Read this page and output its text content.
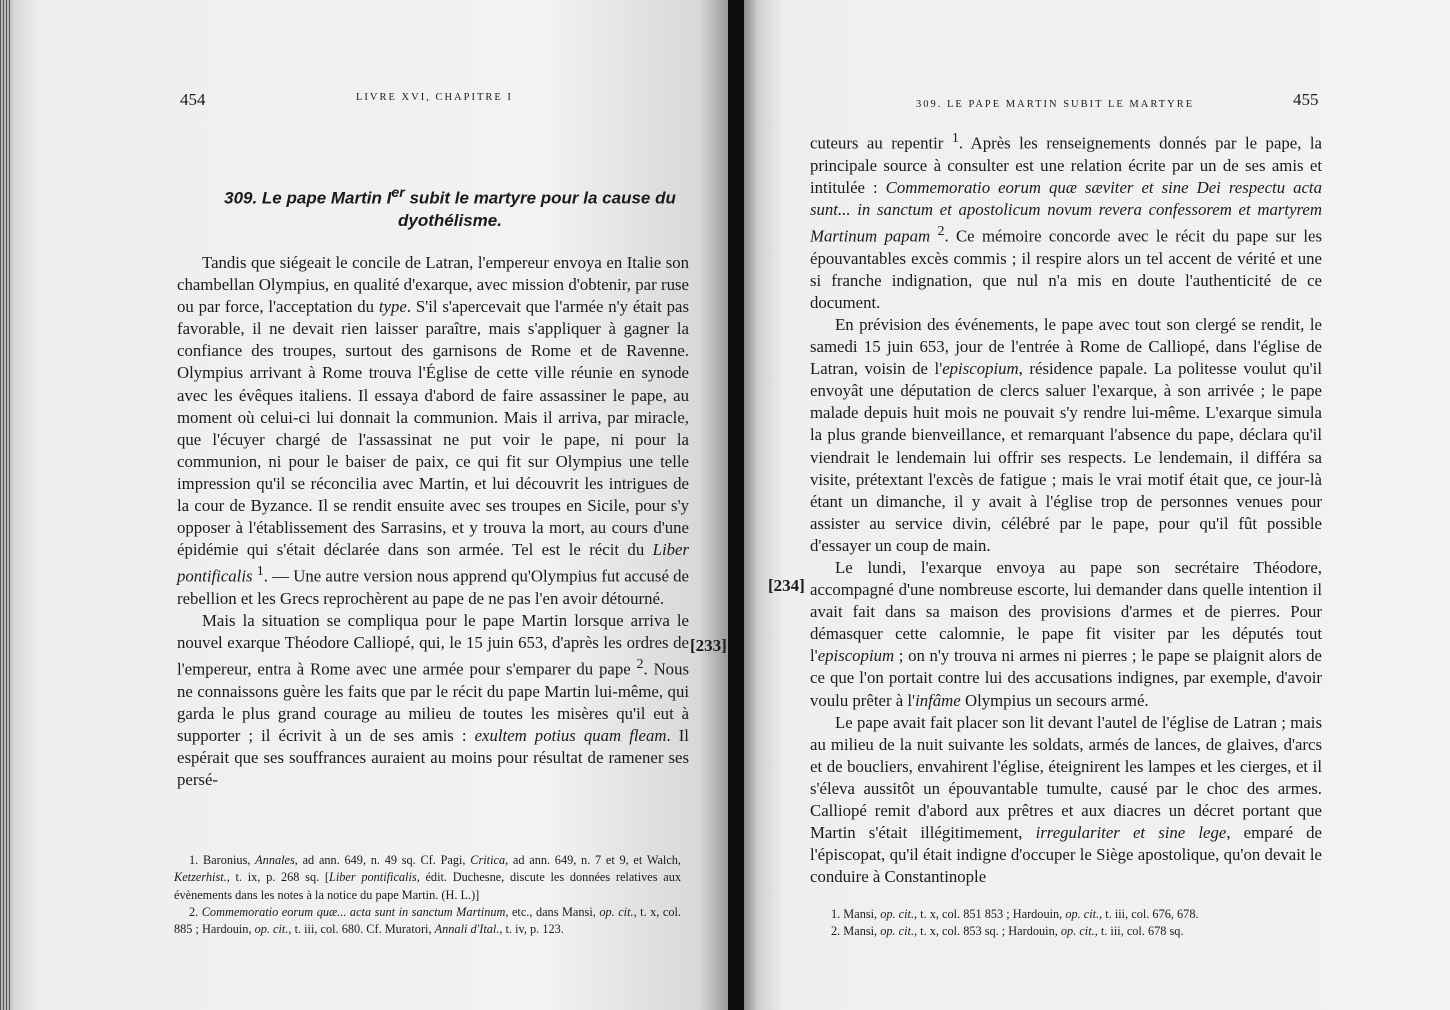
454	LIVRE XVI, CHAPITRE I
309. Le pape Martin Ier subit le martyre pour la cause du dyothélisme.

Tandis que siégeait le concile de Latran, l'empereur envoya en Italie son chambellan Olympius, en qualité d'exarque, avec mission d'obtenir, par ruse ou par force, l'acceptation du type. S'il s'apercevait que l'armée n'y était pas favorable, il ne devait rien laisser paraître, mais s'appliquer à gagner la confiance des troupes, surtout des garnisons de Rome et de Ravenne. Olympius arrivant à Rome trouva l'Église de cette ville réunie en synode avec les évêques italiens. Il essaya d'abord de faire assassiner le pape, au moment où celui-ci lui donnait la communion. Mais il arriva, par miracle, que l'écuyer chargé de l'assassinat ne put voir le pape, ni pour la communion, ni pour le baiser de paix, ce qui fit sur Olympius une telle impression qu'il se réconcilia avec Martin, et lui découvrit les intrigues de la cour de Byzance. Il se rendit ensuite avec ses troupes en Sicile, pour s'y opposer à l'établissement des Sarrasins, et y trouva la mort, au cours d'une épidémie qui s'était déclarée dans son armée. Tel est le récit du Liber pontificalis $^1$. — Une autre version nous apprend qu'Olympius fut accusé de rebellion et les Grecs reprochèrent au pape de ne pas l'en avoir détourné.

Mais la situation se compliqua pour le pape Martin lorsque arriva le nouvel exarque Théodore Calliopé, qui, le 15 juin 653, d'après les ordres de l'empereur, entra à Rome avec une armée pour s'emparer du pape $^2$. Nous ne connaissons guère les faits que par le récit du pape Martin lui-même, qui garda le plus grand courage au milieu de toutes les misères qu'il eut à supporter ; il écrivit à un de ses amis : exultem potius quam fleam. Il espérait que ses souffrances auraient au moins pour résultat de ramener ses persé-

[233]

1. Baronius, Annales, ad ann. 649, n. 49 sq. Cf. Pagi, Critica, ad ann. 649, n. 7 et 9, et Walch, Ketzerhist., t. ix, p. 268 sq. [Liber pontificalis, édit. Duchesne, discute les données relatives aux évènements dans les notes à la notice du pape Martin. (H. L.)]

2. Commemoratio eorum quæ... acta sunt in sanctum Martinum, etc., dans Mansi, op. cit., t. x, col. 885 ; Hardouin, op. cit., t. iii, col. 680. Cf. Muratori, Annali d'Ital., t. iv, p. 123.

309. LE PAPE MARTIN SUBIT LE MARTYRE	455

cuteurs au repentir $^1$. Après les renseignements donnés par le pape, la principale source à consulter est une relation écrite par un de ses amis et intitulée : Commemoratio eorum quæ sæviter et sine Dei respectu acta sunt... in sanctum et apostolicum novum revera confessorem et martyrem Martinum papam $^2$. Ce mémoire concorde avec le récit du pape sur les épouvantables excès commis ; il respire alors un tel accent de vérité et une si franche indignation, que nul n'a mis en doute l'authenticité de ce document.

En prévision des événements, le pape avec tout son clergé se rendit, le samedi 15 juin 653, jour de l'entrée à Rome de Calliopé, dans l'église de Latran, voisin de l'episcopium, résidence papale. La politesse voulut qu'il envoyât une députation de clercs saluer l'exarque, à son arrivée ; le pape malade depuis huit mois ne pouvait s'y rendre lui-même. L'exarque simula la plus grande bienveillance, et remarquant l'absence du pape, déclara qu'il viendrait le lendemain lui offrir ses respects. Le lendemain, il différa sa visite, prétextant l'excès de fatigue ; mais le vrai motif était que, ce jour-là étant un dimanche, il y avait à l'église trop de personnes venues pour assister au service divin, célébré par le pape, pour qu'il fût possible d'essayer un coup de main.

Le lundi, l'exarque envoya au pape son secrétaire Théodore, accompagné d'une nombreuse escorte, lui demander dans quelle intention il avait fait dans sa maison des provisions d'armes et de pierres. Pour démasquer cette calomnie, le pape fit visiter par les députés tout l'episcopium ; on n'y trouva ni armes ni pierres ; le pape se plaignit alors de ce que l'on portait contre lui des accusations indignes, par exemple, d'avoir voulu prêter à l'infâme Olympius un secours armé.

Le pape avait fait placer son lit devant l'autel de l'église de Latran ; mais au milieu de la nuit suivante les soldats, armés de lances, de glaives, d'arcs et de boucliers, envahirent l'église, éteignirent les lampes et les cierges, et il s'éleva aussitôt un épouvantable tumulte, causé par le choc des armes. Calliopé remit d'abord aux prêtres et aux diacres un décret portant que Martin s'était illégitimement, irregulariter et sine lege, emparé de l'épiscopat, qu'il était indigne d'occuper le Siège apostolique, qu'on devait le conduire à Constantinople

[234]

1. Mansi, op. cit., t. x, col. 851 853 ; Hardouin, op. cit., t. iii, col. 676, 678.

2. Mansi, op. cit., t. x, col. 853 sq. ; Hardouin, op. cit., t. iii, col. 678 sq.
